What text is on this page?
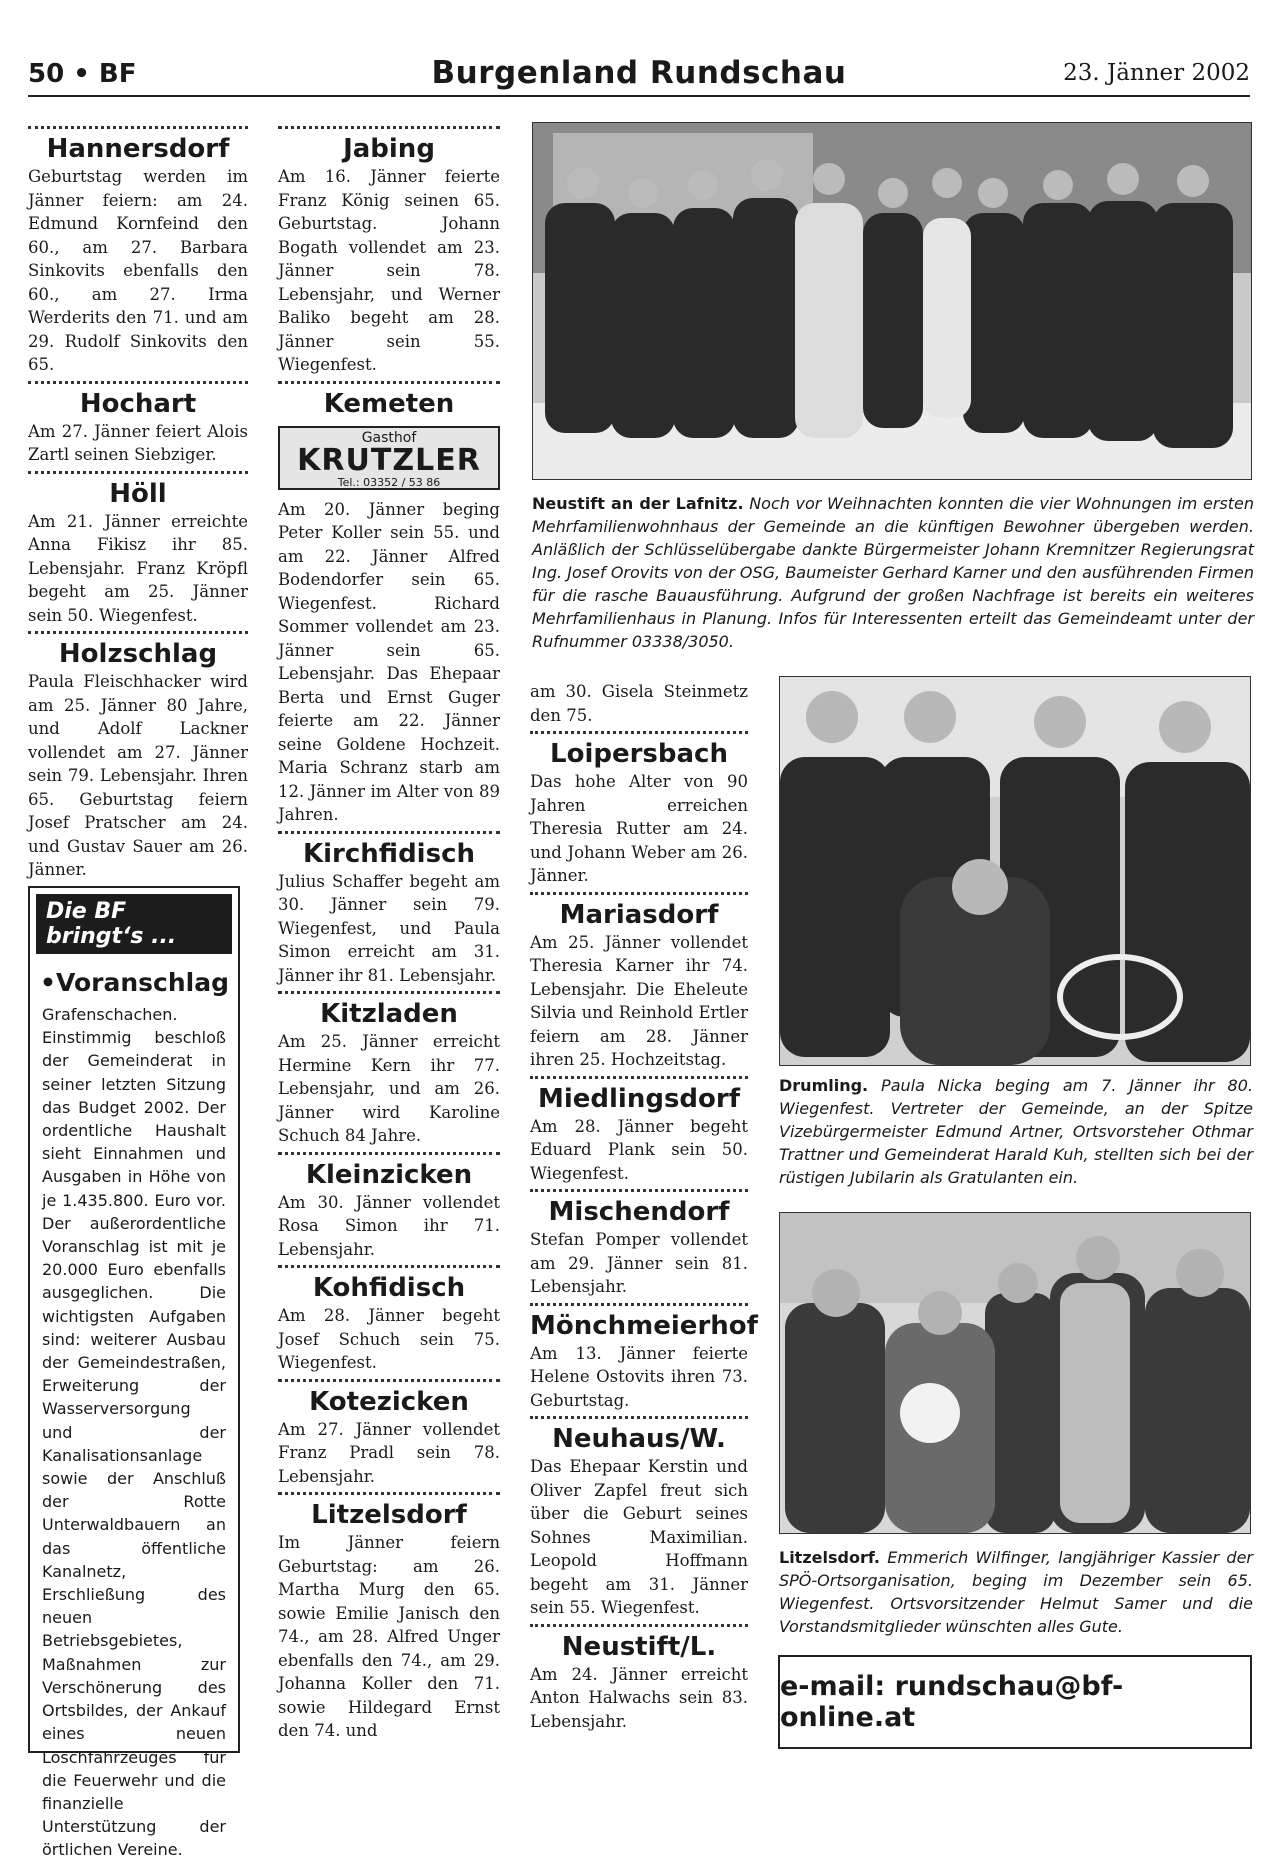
50 • BF	Burgenland Rundschau	23. Jänner 2002
Hannersdorf
Geburtstag werden im Jänner feiern: am 24. Edmund Kornfeind den 60., am 27. Barbara Sinkovits ebenfalls den 60., am 27. Irma Werderits den 71. und am 29. Rudolf Sinkovits den 65.
Hochart
Am 27. Jänner feiert Alois Zartl seinen Siebziger.
Höll
Am 21. Jänner erreichte Anna Fikisz ihr 85. Lebensjahr. Franz Kröpfl begeht am 25. Jänner sein 50. Wiegenfest.
Holzschlag
Paula Fleischhacker wird am 25. Jänner 80 Jahre, und Adolf Lackner vollendet am 27. Jänner sein 79. Lebensjahr. Ihren 65. Geburtstag feiern Josef Pratscher am 24. und Gustav Sauer am 26. Jänner.
Die BF bringt‘s ...
•Voranschlag
Grafenschachen. Einstimmig beschloß der Gemeinderat in seiner letzten Sitzung das Budget 2002. Der ordentliche Haushalt sieht Einnahmen und Ausgaben in Höhe von je 1.435.800. Euro vor. Der außerordentliche Voranschlag ist mit je 20.000 Euro ebenfalls ausgeglichen. Die wichtigsten Aufgaben sind: weiterer Ausbau der Gemeindestraßen, Erweiterung der Wasserversorgung und der Kanalisationsanlage sowie der Anschluß der Rotte Unterwaldbauern an das öffentliche Kanalnetz, Erschließung des neuen Betriebsgebietes, Maßnahmen zur Verschönerung des Ortsbildes, der Ankauf eines neuen Löschfahrzeuges für die Feuerwehr und die finanzielle Unterstützung der örtlichen Vereine.
Jabing
Am 16. Jänner feierte Franz König seinen 65. Geburtstag. Johann Bogath vollendet am 23. Jänner sein 78. Lebensjahr, und Werner Baliko begeht am 28. Jänner sein 55. Wiegenfest.
Kemeten
Gasthof
KRUTZLER
Tel.: 03352 / 53 86
Am 20. Jänner beging Peter Koller sein 55. und am 22. Jänner Alfred Bodendorfer sein 65. Wiegenfest. Richard Sommer vollendet am 23. Jänner sein 65. Lebensjahr. Das Ehepaar Berta und Ernst Guger feierte am 22. Jänner seine Goldene Hochzeit. Maria Schranz starb am 12. Jänner im Alter von 89 Jahren.
Kirchfidisch
Julius Schaffer begeht am 30. Jänner sein 79. Wiegenfest, und Paula Simon erreicht am 31. Jänner ihr 81. Lebensjahr.
Kitzladen
Am 25. Jänner erreicht Hermine Kern ihr 77. Lebensjahr, und am 26. Jänner wird Karoline Schuch 84 Jahre.
Kleinzicken
Am 30. Jänner vollendet Rosa Simon ihr 71. Lebensjahr.
Kohfidisch
Am 28. Jänner begeht Josef Schuch sein 75. Wiegenfest.
Kotezicken
Am 27. Jänner vollendet Franz Pradl sein 78. Lebensjahr.
Litzelsdorf
Im Jänner feiern Geburtstag: am 26. Martha Murg den 65. sowie Emilie Janisch den 74., am 28. Alfred Unger ebenfalls den 74., am 29. Johanna Koller den 71. sowie Hildegard Ernst den 74. und
am 30. Gisela Steinmetz den 75.
Loipersbach
Das hohe Alter von 90 Jahren erreichen Theresia Rutter am 24. und Johann Weber am 26. Jänner.
Mariasdorf
Am 25. Jänner vollendet Theresia Karner ihr 74. Lebensjahr. Die Eheleute Silvia und Reinhold Ertler feiern am 28. Jänner ihren 25. Hochzeitstag.
Miedlingsdorf
Am 28. Jänner begeht Eduard Plank sein 50. Wiegenfest.
Mischendorf
Stefan Pomper vollendet am 29. Jänner sein 81. Lebensjahr.
Mönchmeierhof
Am 13. Jänner feierte Helene Ostovits ihren 73. Geburtstag.
Neuhaus/W.
Das Ehepaar Kerstin und Oliver Zapfel freut sich über die Geburt seines Sohnes Maximilian. Leopold Hoffmann begeht am 31. Jänner sein 55. Wiegenfest.
Neustift/L.
Am 24. Jänner erreicht Anton Halwachs sein 83. Lebensjahr.
Neustift an der Lafnitz. Noch vor Weihnachten konnten die vier Wohnungen im ersten Mehrfamilienwohnhaus der Gemeinde an die künftigen Bewohner übergeben werden. Anläßlich der Schlüsselübergabe dankte Bürgermeister Johann Kremnitzer Regierungsrat Ing. Josef Orovits von der OSG, Baumeister Gerhard Karner und den ausführenden Firmen für die rasche Bauausführung. Aufgrund der großen Nachfrage ist bereits ein weiteres Mehrfamilienhaus in Planung. Infos für Interessenten erteilt das Gemeindeamt unter der Rufnummer 03338/3050.
Drumling. Paula Nicka beging am 7. Jänner ihr 80. Wiegenfest. Vertreter der Gemeinde, an der Spitze Vizebürgermeister Edmund Artner, Ortsvorsteher Othmar Trattner und Gemeinderat Harald Kuh, stellten sich bei der rüstigen Jubilarin als Gratulanten ein.
Litzelsdorf. Emmerich Wilfinger, langjähriger Kassier der SPÖ-Ortsorganisation, beging im Dezember sein 65. Wiegenfest. Ortsvorsitzender Helmut Samer und die Vorstandsmitglieder wünschten alles Gute.
e-mail: rundschau@bf-online.at
